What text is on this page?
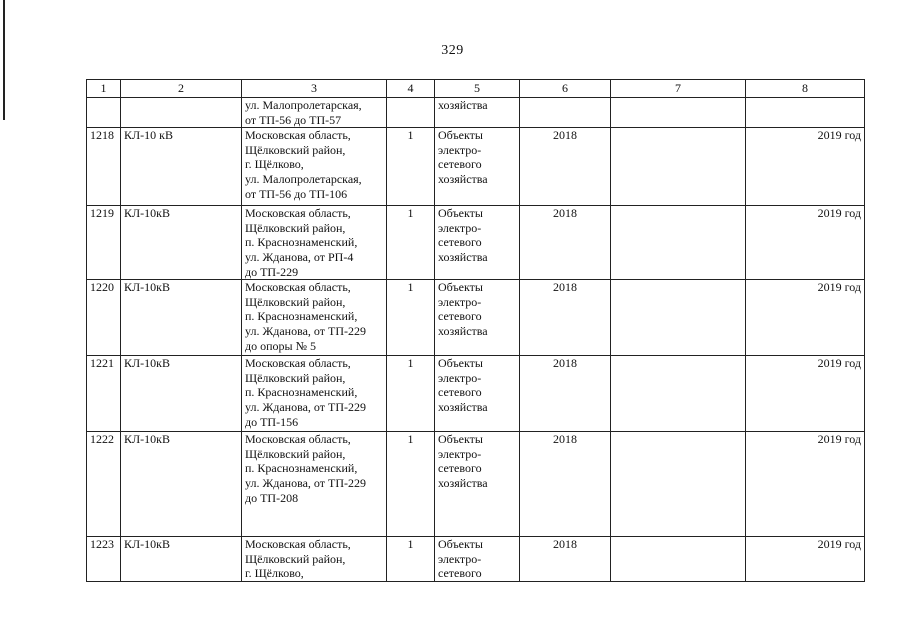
329
1	2	3	4	5	6	7	8

		ул. Малопролетарская,
от ТП-56 до ТП-57		хозяйства			

1218	КЛ-10 кВ	Московская область,
Щёлковский район,
г. Щёлково,
ул. Малопролетарская,
от ТП-56 до ТП-106	1	Объекты
электро-
сетевого
хозяйства	2018		2019 год
1219	КЛ-10кВ	Московская область,
Щёлковский район,
п. Краснознаменский,
ул. Жданова, от РП-4
до ТП-229	1	Объекты
электро-
сетевого
хозяйства	2018		2019 год
1220	КЛ-10кВ	Московская область,
Щёлковский район,
п. Краснознаменский,
ул. Жданова, от ТП-229
до опоры № 5	1	Объекты
электро-
сетевого
хозяйства	2018		2019 год
1221	КЛ-10кВ	Московская область,
Щёлковский район,
п. Краснознаменский,
ул. Жданова, от ТП-229
до ТП-156	1	Объекты
электро-
сетевого
хозяйства	2018		2019 год
1222	КЛ-10кВ	Московская область,
Щёлковский район,
п. Краснознаменский,
ул. Жданова, от ТП-229
до ТП-208	1	Объекты
электро-
сетевого
хозяйства	2018		2019 год
1223	КЛ-10кВ	Московская область,
Щёлковский район,
г. Щёлково,	1	Объекты
электро-
сетевого	2018		2019 год
